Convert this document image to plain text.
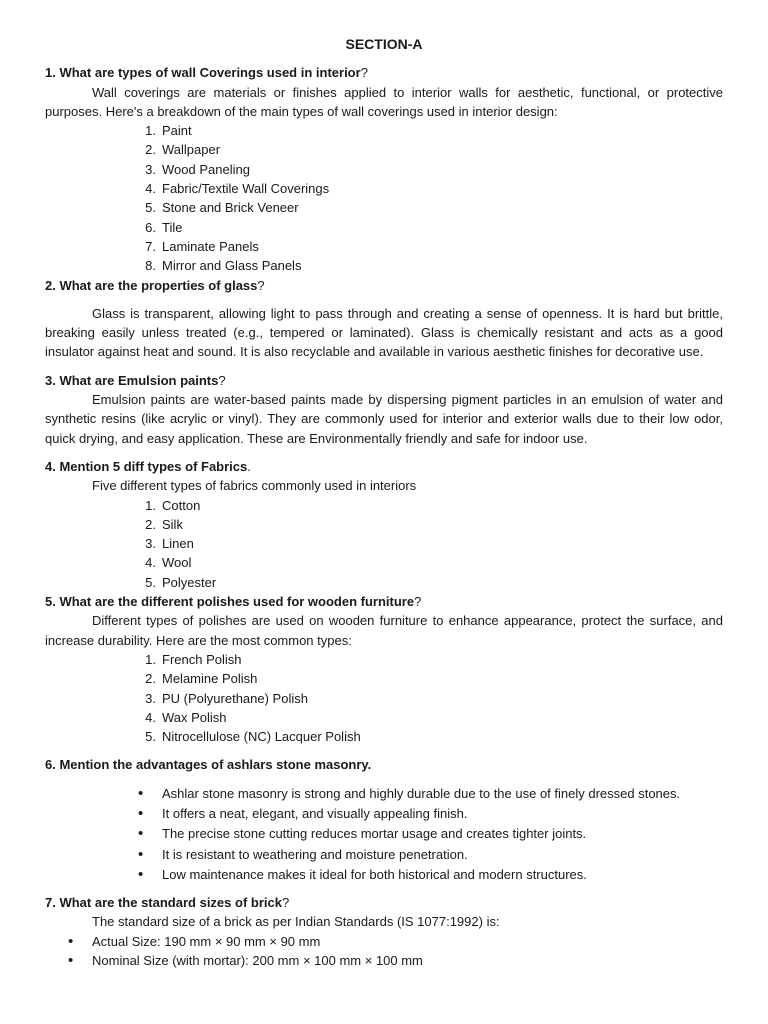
SECTION-A

1. What are types of wall Coverings used in interior?

Wall coverings are materials or finishes applied to interior walls for aesthetic, functional, or protective purposes. Here's a breakdown of the main types of wall coverings used in interior design:

1. Paint
2. Wallpaper
3. Wood Paneling
4. Fabric/Textile Wall Coverings
5. Stone and Brick Veneer
6. Tile
7. Laminate Panels
8. Mirror and Glass Panels

2. What are the properties of glass?

Glass is transparent, allowing light to pass through and creating a sense of openness. It is hard but brittle, breaking easily unless treated (e.g., tempered or laminated). Glass is chemically resistant and acts as a good insulator against heat and sound. It is also recyclable and available in various aesthetic finishes for decorative use.

3. What are Emulsion paints?

Emulsion paints are water-based paints made by dispersing pigment particles in an emulsion of water and synthetic resins (like acrylic or vinyl). They are commonly used for interior and exterior walls due to their low odor, quick drying, and easy application. These are Environmentally friendly and safe for indoor use.

4. Mention 5 diff types of Fabrics.

Five different types of fabrics commonly used in interiors

1. Cotton
2. Silk
3. Linen
4. Wool
5. Polyester

5. What are the different polishes used for wooden furniture?

Different types of polishes are used on wooden furniture to enhance appearance, protect the surface, and increase durability. Here are the most common types:

1. French Polish
2. Melamine Polish
3. PU (Polyurethane) Polish
4. Wax Polish
5. Nitrocellulose (NC) Lacquer Polish

6. Mention the advantages of ashlars stone masonry.

• Ashlar stone masonry is strong and highly durable due to the use of finely dressed stones.
• It offers a neat, elegant, and visually appealing finish.
• The precise stone cutting reduces mortar usage and creates tighter joints.
• It is resistant to weathering and moisture penetration.
• Low maintenance makes it ideal for both historical and modern structures.

7. What are the standard sizes of brick?

The standard size of a brick as per Indian Standards (IS 1077:1992) is:

• Actual Size: 190 mm × 90 mm × 90 mm
• Nominal Size (with mortar): 200 mm × 100 mm × 100 mm
